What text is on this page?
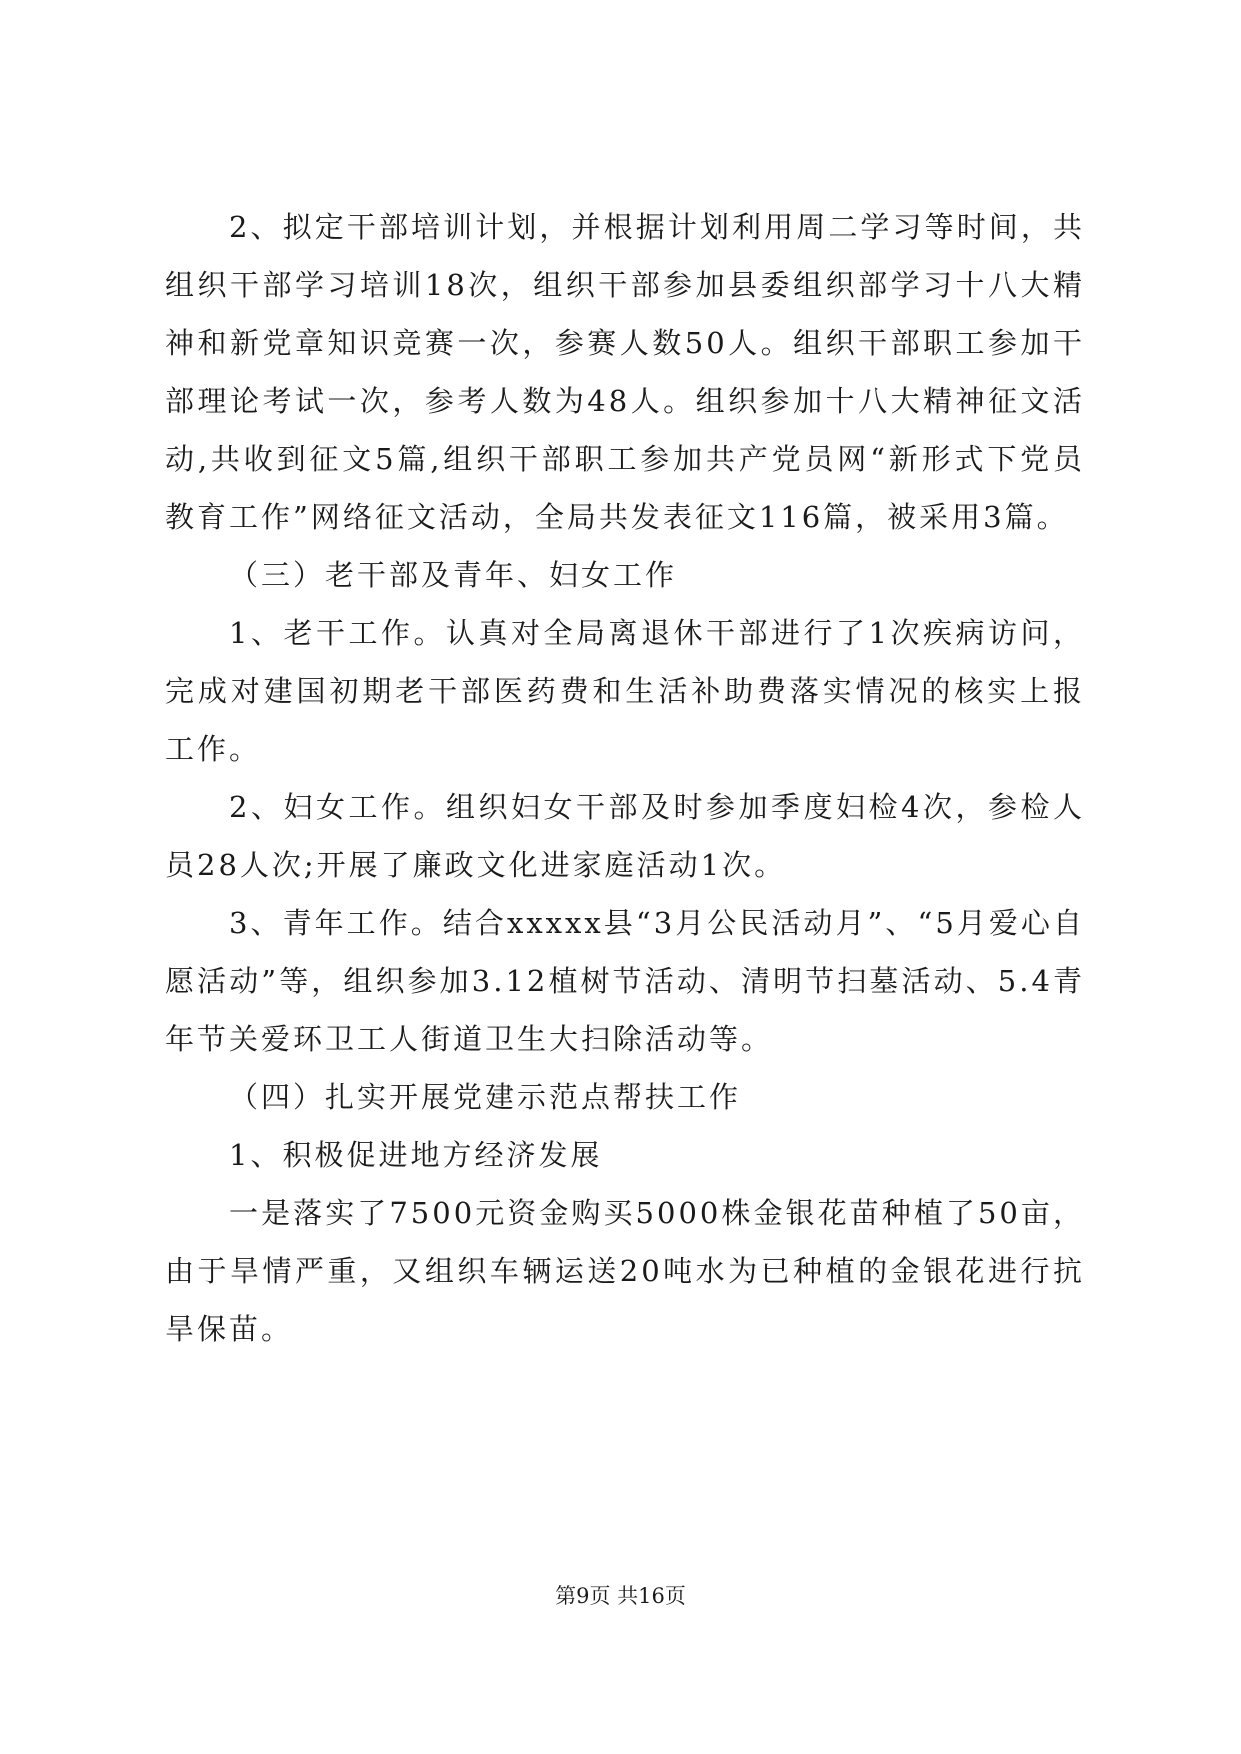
2、拟定干部培训计划，并根据计划利用周二学习等时间，共组织干部学习培训18次，组织干部参加县委组织部学习十八大精神和新党章知识竞赛一次，参赛人数50人。组织干部职工参加干部理论考试一次，参考人数为48人。组织参加十八大精神征文活动,共收到征文5篇,组织干部职工参加共产党员网“新形式下党员教育工作”网络征文活动，全局共发表征文116篇，被采用3篇。

（三）老干部及青年、妇女工作

1、老干工作。认真对全局离退休干部进行了1次疾病访问，完成对建国初期老干部医药费和生活补助费落实情况的核实上报工作。

2、妇女工作。组织妇女干部及时参加季度妇检4次，参检人员28人次;开展了廉政文化进家庭活动1次。

3、青年工作。结合xxxxx县“3月公民活动月”、“5月爱心自愿活动”等，组织参加3.12植树节活动、清明节扫墓活动、5.4青年节关爱环卫工人街道卫生大扫除活动等。

（四）扎实开展党建示范点帮扶工作

1、积极促进地方经济发展

一是落实了7500元资金购买5000株金银花苗种植了50亩，由于旱情严重，又组织车辆运送20吨水为已种植的金银花进行抗旱保苗。

第9页 共16页
